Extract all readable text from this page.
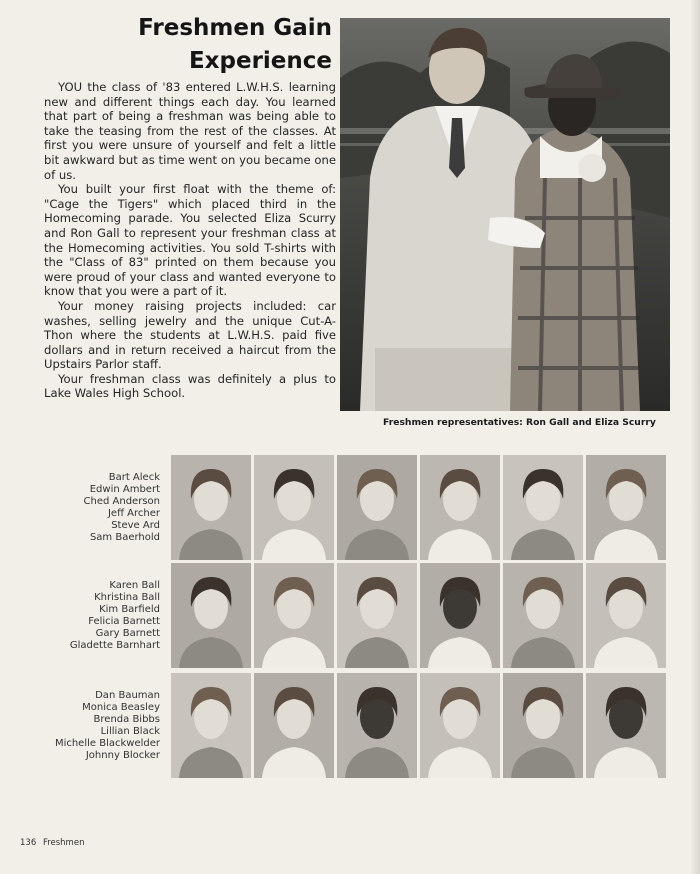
Freshmen Gain
Experience

YOU the class of '83 entered L.W.H.S. learning new and different things each day. You learned that part of being a freshman was being able to take the teasing from the rest of the classes. At first you were unsure of yourself and felt a little bit awkward but as time went on you became one of us.

You built your first float with the theme of: "Cage the Tigers" which placed third in the Homecoming parade. You selected Eliza Scurry and Ron Gall to represent your freshman class at the Homecoming activities. You sold T-shirts with the "Class of 83" printed on them because you were proud of your class and wanted everyone to know that you were a part of it.

Your money raising projects included: car washes, selling jewelry and the unique Cut-A-Thon where the students at L.W.H.S. paid five dollars and in return received a haircut from the Upstairs Parlor staff.

Your freshman class was definitely a plus to Lake Wales High School.

Freshmen representatives: Ron Gall and Eliza Scurry
Bart Aleck
Edwin Ambert
Ched Anderson
Jeff Archer
Steve Ard
Sam Baerhold
Karen Ball
Khristina Ball
Kim Barfield
Felicia Barnett
Gary Barnett
Gladette Barnhart
Dan Bauman
Monica Beasley
Brenda Bibbs
Lillian Black
Michelle Blackwelder
Johnny Blocker
136 Freshmen
